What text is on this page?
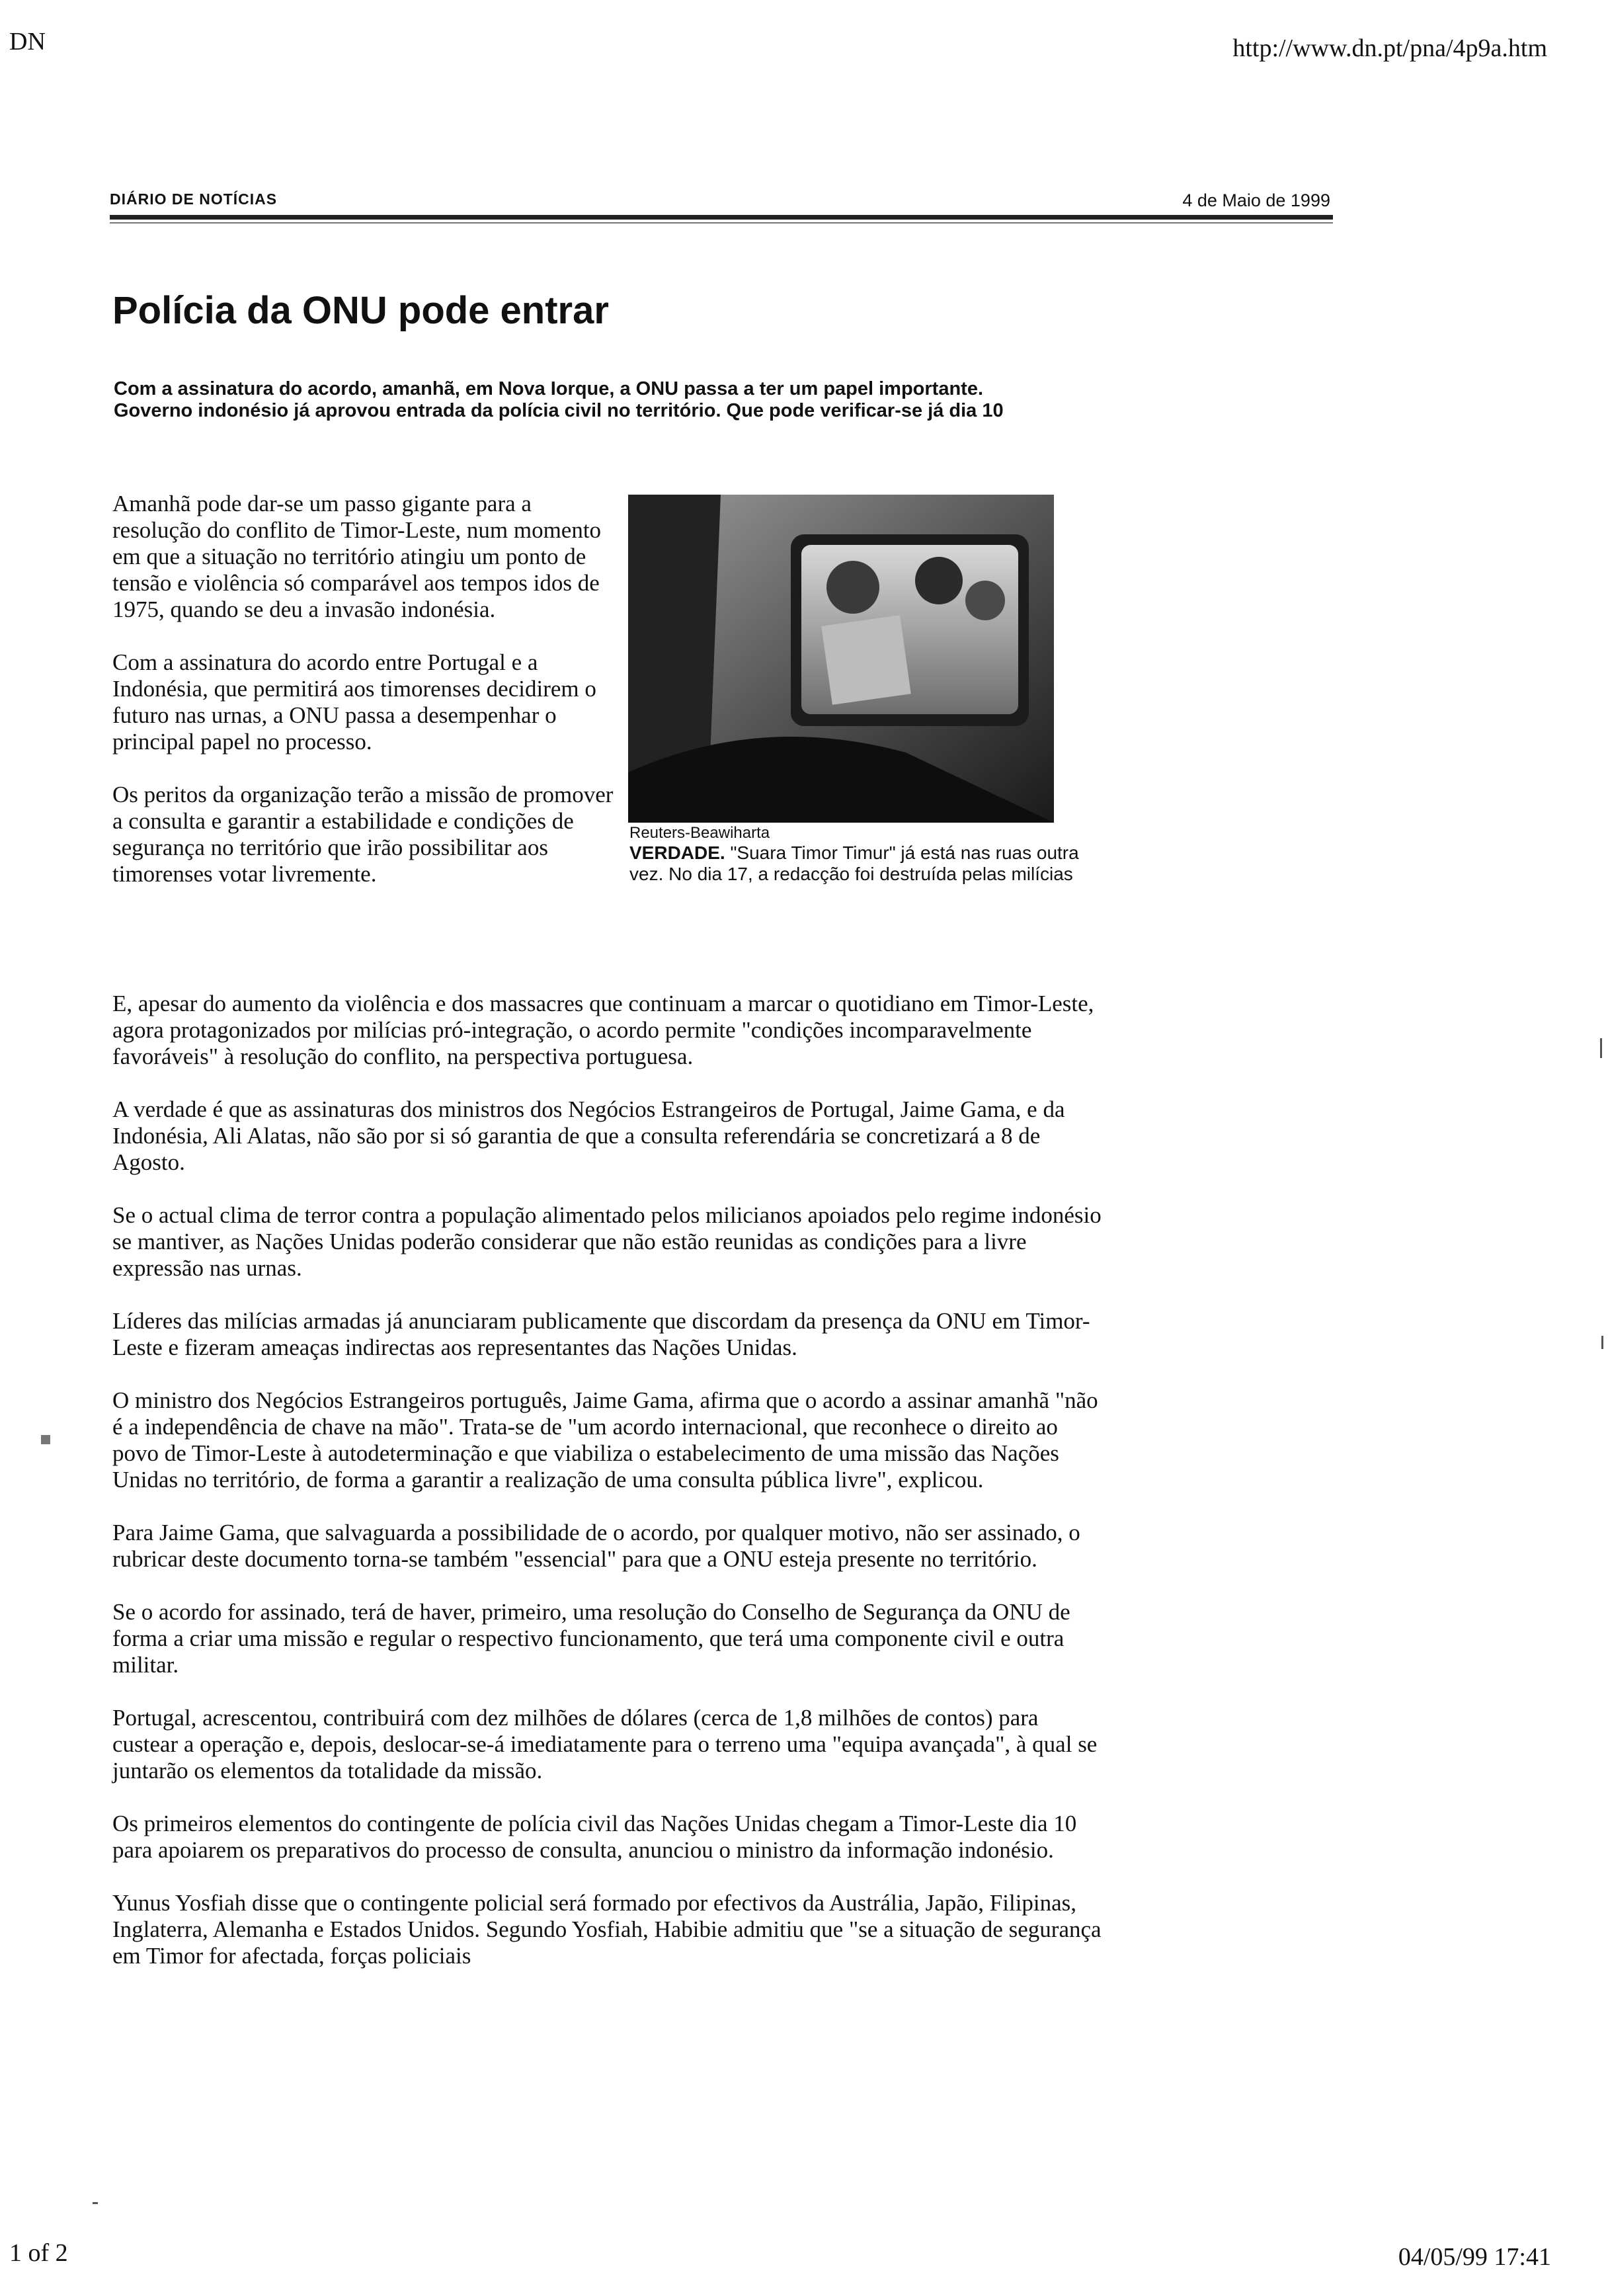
DN	http://www.dn.pt/pna/4p9a.htm
DIÁRIO DE NOTÍCIAS	4 de Maio de 1999
Polícia da ONU pode entrar
Com a assinatura do acordo, amanhã, em Nova Iorque, a ONU passa a ter um papel importante. Governo indonésio já aprovou entrada da polícia civil no território. Que pode verificar-se já dia 10

Amanhã pode dar-se um passo gigante para a resolução do conflito de Timor-Leste, num momento em que a situação no território atingiu um ponto de tensão e violência só comparável aos tempos idos de 1975, quando se deu a invasão indonésia.

Com a assinatura do acordo entre Portugal e a Indonésia, que permitirá aos timorenses decidirem o futuro nas urnas, a ONU passa a desempenhar o principal papel no processo.

Os peritos da organização terão a missão de promover a consulta e garantir a estabilidade e condições de segurança no território que irão possibilitar aos timorenses votar livremente.

Reuters-Beawiharta
VERDADE. "Suara Timor Timur" já está nas ruas outra vez. No dia 17, a redacção foi destruída pelas milícias

E, apesar do aumento da violência e dos massacres que continuam a marcar o quotidiano em Timor-Leste, agora protagonizados por milícias pró-integração, o acordo permite "condições incomparavelmente favoráveis" à resolução do conflito, na perspectiva portuguesa.

A verdade é que as assinaturas dos ministros dos Negócios Estrangeiros de Portugal, Jaime Gama, e da Indonésia, Ali Alatas, não são por si só garantia de que a consulta referendária se concretizará a 8 de Agosto.

Se o actual clima de terror contra a população alimentado pelos milicianos apoiados pelo regime indonésio se mantiver, as Nações Unidas poderão considerar que não estão reunidas as condições para a livre expressão nas urnas.

Líderes das milícias armadas já anunciaram publicamente que discordam da presença da ONU em Timor-Leste e fizeram ameaças indirectas aos representantes das Nações Unidas.

O ministro dos Negócios Estrangeiros português, Jaime Gama, afirma que o acordo a assinar amanhã "não é a independência de chave na mão". Trata-se de "um acordo internacional, que reconhece o direito ao povo de Timor-Leste à autodeterminação e que viabiliza o estabelecimento de uma missão das Nações Unidas no território, de forma a garantir a realização de uma consulta pública livre", explicou.

Para Jaime Gama, que salvaguarda a possibilidade de o acordo, por qualquer motivo, não ser assinado, o rubricar deste documento torna-se também "essencial" para que a ONU esteja presente no território.

Se o acordo for assinado, terá de haver, primeiro, uma resolução do Conselho de Segurança da ONU de forma a criar uma missão e regular o respectivo funcionamento, que terá uma componente civil e outra militar.

Portugal, acrescentou, contribuirá com dez milhões de dólares (cerca de 1,8 milhões de contos) para custear a operação e, depois, deslocar-se-á imediatamente para o terreno uma "equipa avançada", à qual se juntarão os elementos da totalidade da missão.

Os primeiros elementos do contingente de polícia civil das Nações Unidas chegam a Timor-Leste dia 10 para apoiarem os preparativos do processo de consulta, anunciou o ministro da informação indonésio.

Yunus Yosfiah disse que o contingente policial será formado por efectivos da Austrália, Japão, Filipinas, Inglaterra, Alemanha e Estados Unidos. Segundo Yosfiah, Habibie admitiu que "se a situação de segurança em Timor for afectada, forças policiais

1 of 2	04/05/99 17:41
